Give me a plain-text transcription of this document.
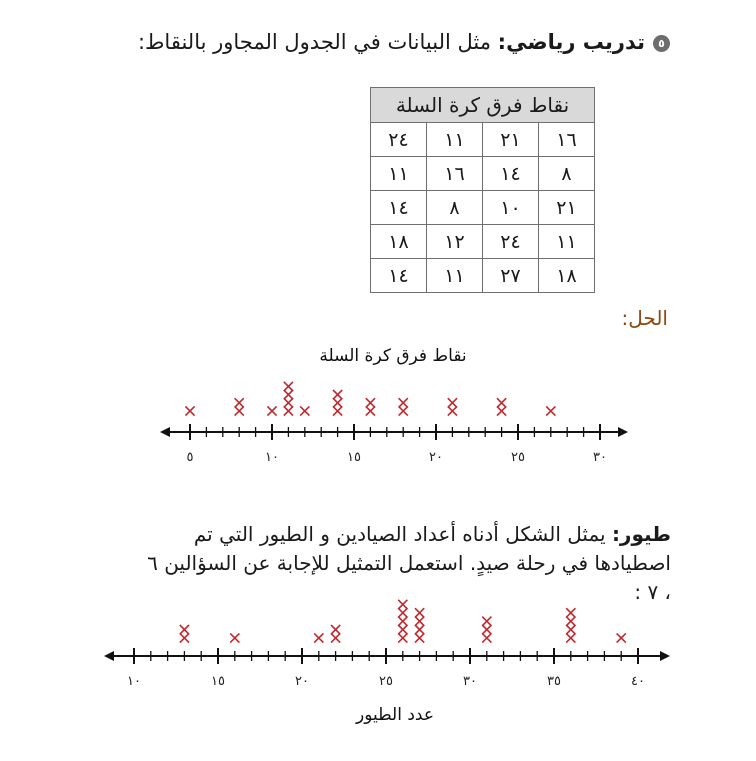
٥تدريب رياضي: مثل البيانات في الجدول المجاور بالنقاط:
نقاط فرق كرة السلة			
١٦	٢١	١١	٢٤
٨	١٤	١٦	١١
٢١	١٠	٨	١٤
١١	٢٤	١٢	١٨
١٨	٢٧	١١	١٤
الحل:
٥	١٠	١٥	٢٠	٢٥	٣٠
نقاط فرق كرة السلة
طيور: يمثل الشكل أدناه أعداد الصيادين و الطيور التي تم اصطيادها في رحلة صيدٍ. استعمل التمثيل للإجابة عن السؤالين ٦ ، ٧ :
١٠	١٥	٢٠	٢٥	٣٠	٣٥	٤٠
عدد الطيور
